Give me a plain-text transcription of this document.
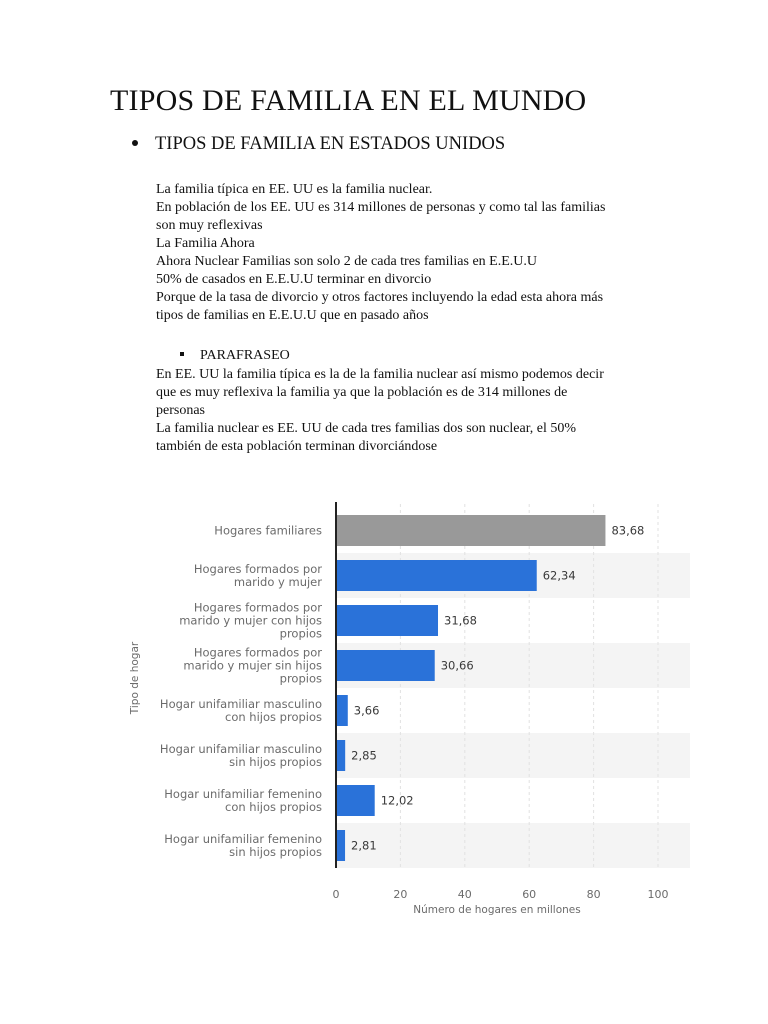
TIPOS DE FAMILIA EN EL MUNDO
TIPOS DE FAMILIA EN ESTADOS UNIDOS
La familia típica en EE. UU es la familia nuclear.
En población de los EE. UU es 314 millones de personas y como tal las familias
son muy reflexivas
La Familia Ahora
Ahora Nuclear Familias son solo 2 de cada tres familias en E.E.U.U
50% de casados en E.E.U.U terminar en divorcio
Porque de la tasa de divorcio y otros factores incluyendo la edad esta ahora más
tipos de familias en E.E.U.U que en pasado años
PARAFRASEO
En EE. UU la familia típica es la de la familia nuclear así mismo podemos decir
que es muy reflexiva la familia ya que la población es de 314 millones de
personas
La familia nuclear es EE. UU de cada tres familias dos son nuclear, el 50%
también de esta población terminan divorciándose
83,68
Hogares familiares
62,34
Hogares formados por
marido y mujer
31,68
Hogares formados por
marido y mujer con hijos
propios
30,66
Hogares formados por
marido y mujer sin hijos
propios
3,66
Hogar unifamiliar masculino
con hijos propios
2,85
Hogar unifamiliar masculino
sin hijos propios
12,02
Hogar unifamiliar femenino
con hijos propios
2,81
Hogar unifamiliar femenino
sin hijos propios
0	20	40	60	80	100
Número de hogares en millones
Tipo de hogar
